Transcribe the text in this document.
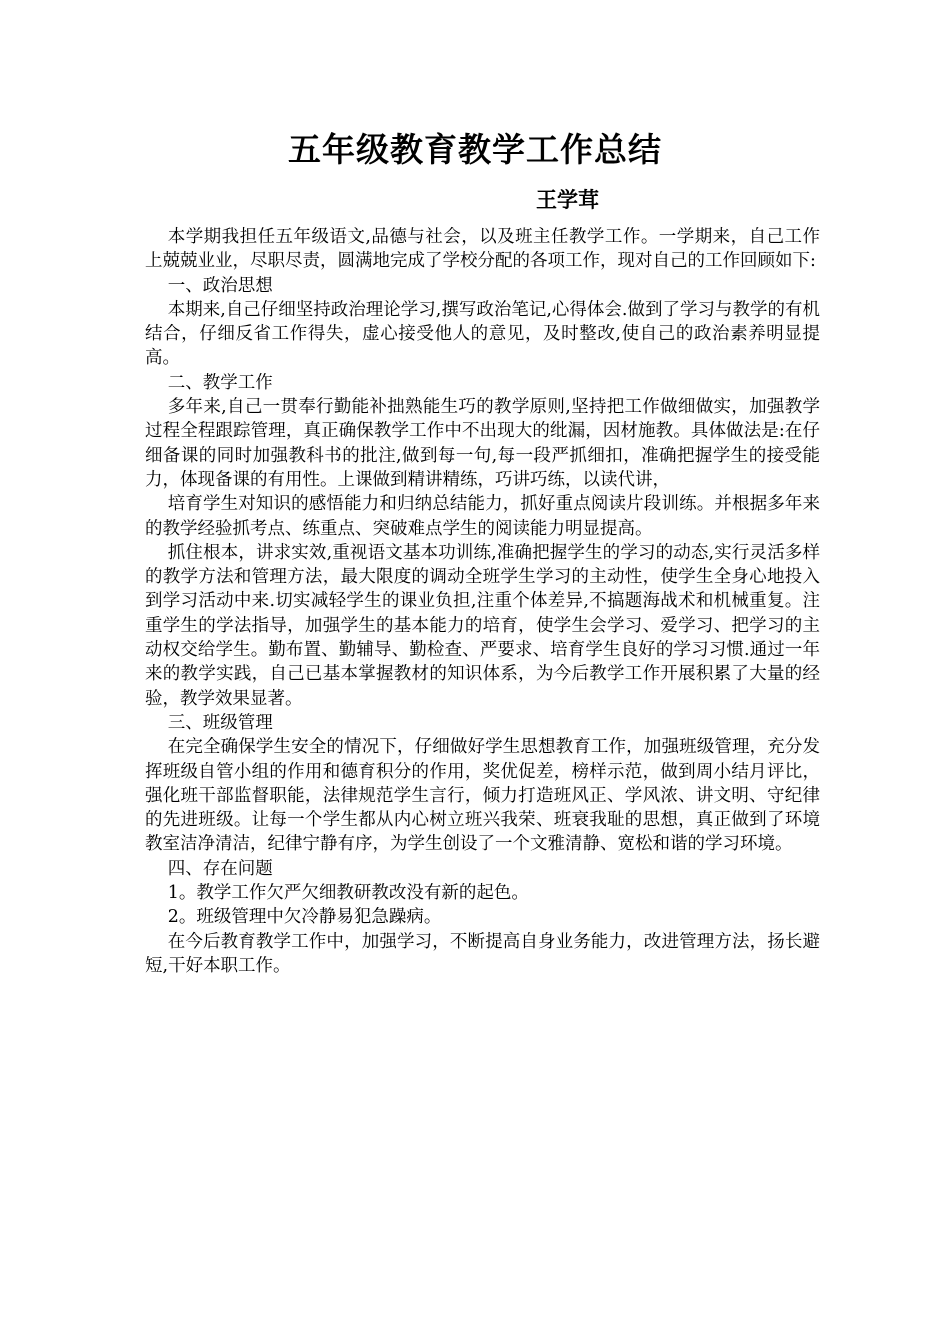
五年级教育教学工作总结
王学茸

本学期我担任五年级语文,品德与社会，以及班主任教学工作。一学期来，自己工作上兢兢业业，尽职尽责，圆满地完成了学校分配的各项工作，现对自己的工作回顾如下:

一、政治思想

本期来,自己仔细坚持政治理论学习,撰写政治笔记,心得体会.做到了学习与教学的有机结合，仔细反省工作得失，虚心接受他人的意见，及时整改,使自己的政治素养明显提高。

二、教学工作

多年来,自己一贯奉行勤能补拙熟能生巧的教学原则,坚持把工作做细做实，加强教学过程全程跟踪管理，真正确保教学工作中不出现大的纰漏，因材施教。具体做法是:在仔细备课的同时加强教科书的批注,做到每一句,每一段严抓细扣，准确把握学生的接受能力，体现备课的有用性。上课做到精讲精练，巧讲巧练，以读代讲，

培育学生对知识的感悟能力和归纳总结能力，抓好重点阅读片段训练。并根据多年来的教学经验抓考点、练重点、突破难点学生的阅读能力明显提高。

抓住根本，讲求实效,重视语文基本功训练,准确把握学生的学习的动态,实行灵活多样的教学方法和管理方法，最大限度的调动全班学生学习的主动性，使学生全身心地投入到学习活动中来.切实减轻学生的课业负担,注重个体差异,不搞题海战术和机械重复。注重学生的学法指导，加强学生的基本能力的培育，使学生会学习、爱学习、把学习的主动权交给学生。勤布置、勤辅导、勤检查、严要求、培育学生良好的学习习惯.通过一年来的教学实践，自己已基本掌握教材的知识体系，为今后教学工作开展积累了大量的经验，教学效果显著。

三、班级管理

在完全确保学生安全的情况下，仔细做好学生思想教育工作，加强班级管理，充分发挥班级自管小组的作用和德育积分的作用，奖优促差，榜样示范，做到周小结月评比，强化班干部监督职能，法律规范学生言行，倾力打造班风正、学风浓、讲文明、守纪律的先进班级。让每一个学生都从内心树立班兴我荣、班衰我耻的思想，真正做到了环境教室洁净清洁，纪律宁静有序，为学生创设了一个文雅清静、宽松和谐的学习环境。

四、存在问题

1。教学工作欠严欠细教研教改没有新的起色。

2。班级管理中欠冷静易犯急躁病。

在今后教育教学工作中，加强学习，不断提高自身业务能力，改进管理方法，扬长避短,干好本职工作。
